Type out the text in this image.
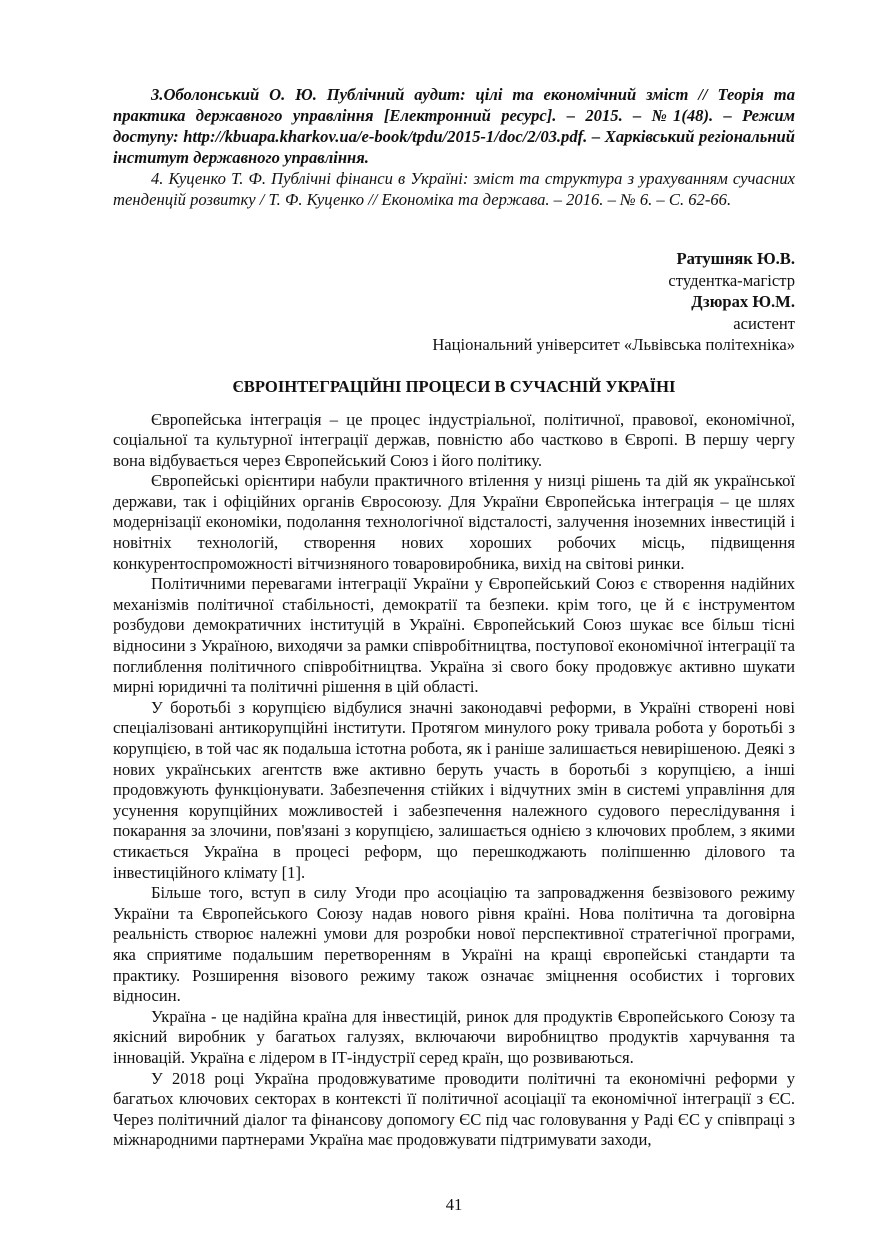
3.Оболонський О. Ю. Публічний аудит: цілі та економічний зміст // Теорія та практика державного управління [Електронний ресурс]. – 2015. – №1(48). – Режим доступу: http://kbuapa.kharkov.ua/e-book/tpdu/2015-1/doc/2/03.pdf. – Харківський регіональний інститут державного управління.

4. Куценко Т. Ф. Публічні фінанси в Україні: зміст та структура з урахуванням сучасних тенденцій розвитку / Т. Ф. Куценко // Економіка та держава. – 2016. – № 6. – С. 62-66.

Ратушняк Ю.В.
студентка-магістр
Дзюрах Ю.М.
асистент
Національний університет «Львівська політехніка»
ЄВРОІНТЕГРАЦІЙНІ ПРОЦЕСИ В СУЧАСНІЙ УКРАЇНІ

Європейська інтеграція – це процес індустріальної, політичної, правової, економічної, соціальної та культурної інтеграції держав, повністю або частково в Європі. В першу чергу вона відбувається через Європейський Союз і його політику.

Європейські орієнтири набули практичного втілення у низці рішень та дій як української держави, так і офіційних органів Євросоюзу. Для України Європейська інтеграція – це шлях модернізації економіки, подолання технологічної відсталості, залучення іноземних інвестицій і новітніх технологій, створення нових хороших робочих місць, підвищення конкурентоспроможності вітчизняного товаровиробника, вихід на світові ринки.

Політичними перевагами інтеграції України у Європейський Союз є створення надійних механізмів політичної стабільності, демократії та безпеки. крім того, це й є інструментом розбудови демократичних інституцій в Україні. Європейський Союз шукає все більш тісні відносини з Україною, виходячи за рамки співробітництва, поступової економічної інтеграції та поглиблення політичного співробітництва. Україна зі свого боку продовжує активно шукати мирні юридичні та політичні рішення в цій області.

У боротьбі з корупцією відбулися значні законодавчі реформи, в Україні створені нові спеціалізовані антикорупційні інститути. Протягом минулого року тривала робота у боротьбі з корупцією, в той час як подальша істотна робота, як і раніше залишається невирішеною. Деякі з нових українських агентств вже активно беруть участь в боротьбі з корупцією, а інші продовжують функціонувати. Забезпечення стійких і відчутних змін в системі управління для усунення корупційних можливостей і забезпечення належного судового переслідування і покарання за злочини, пов'язані з корупцією, залишається однією з ключових проблем, з якими стикається Україна в процесі реформ, що перешкоджають поліпшенню ділового та інвестиційного клімату [1].

Більше того, вступ в силу Угоди про асоціацію та запровадження безвізового режиму України та Європейського Союзу надав нового рівня країні. Нова політична та договірна реальність створює належні умови для розробки нової перспективної стратегічної програми, яка сприятиме подальшим перетворенням в Україні на кращі європейські стандарти та практику. Розширення візового режиму також означає зміцнення особистих і торгових відносин.

Україна - це надійна країна для інвестицій, ринок для продуктів Європейського Союзу та якісний виробник у багатьох галузях, включаючи виробництво продуктів харчування та інновацій. Україна є лідером в ІТ-індустрії серед країн, що розвиваються.

У 2018 році Україна продовжуватиме проводити політичні та економічні реформи у багатьох ключових секторах в контексті її політичної асоціації та економічної інтеграції з ЄС. Через політичний діалог та фінансову допомогу ЄС під час головування у Раді ЄС у співпраці з міжнародними партнерами Україна має продовжувати підтримувати заходи,

41
